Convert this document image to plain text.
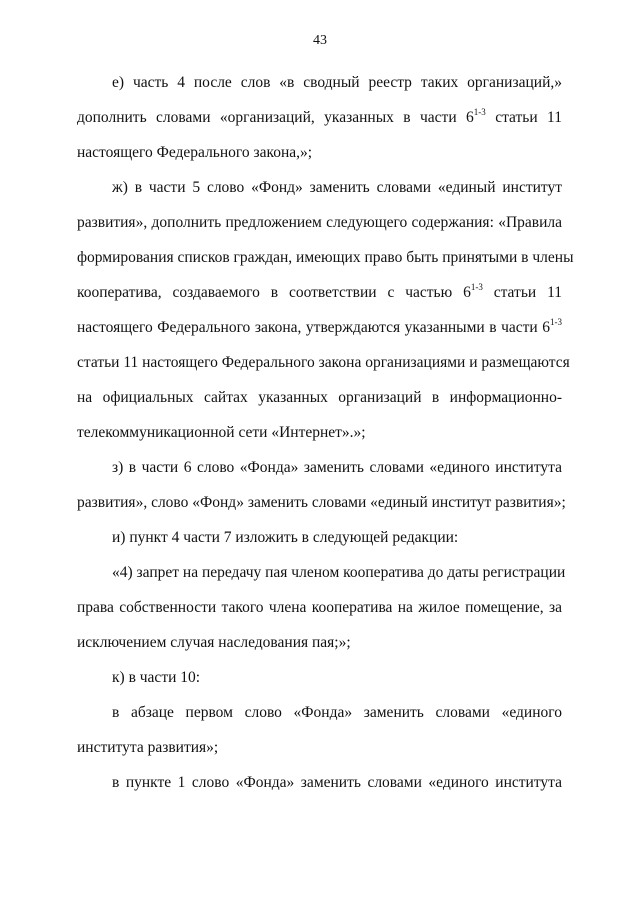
43
е) часть 4 после слов «в сводный реестр таких организаций,»
дополнить словами «организаций, указанных в части 6$^{1-3}$ статьи 11
настоящего Федерального закона,»;
ж) в части 5 слово «Фонд» заменить словами «единый институт
развития», дополнить предложением следующего содержания: «Правила
формирования списков граждан, имеющих право быть принятыми в члены
кооператива, создаваемого в соответствии с частью 6$^{1-3}$ статьи 11
настоящего Федерального закона, утверждаются указанными в части 6$^{1-3}$
статьи 11 настоящего Федерального закона организациями и размещаются
на официальных сайтах указанных организаций в информационно-
телекоммуникационной сети «Интернет».»;
з) в части 6 слово «Фонда» заменить словами «единого института
развития», слово «Фонд» заменить словами «единый институт развития»;
и) пункт 4 части 7 изложить в следующей редакции:
«4) запрет на передачу пая членом кооператива до даты регистрации
права собственности такого члена кооператива на жилое помещение, за
исключением случая наследования пая;»;
к) в части 10:
в абзаце первом слово «Фонда» заменить словами «единого
института развития»;
в пункте 1 слово «Фонда» заменить словами «единого института
